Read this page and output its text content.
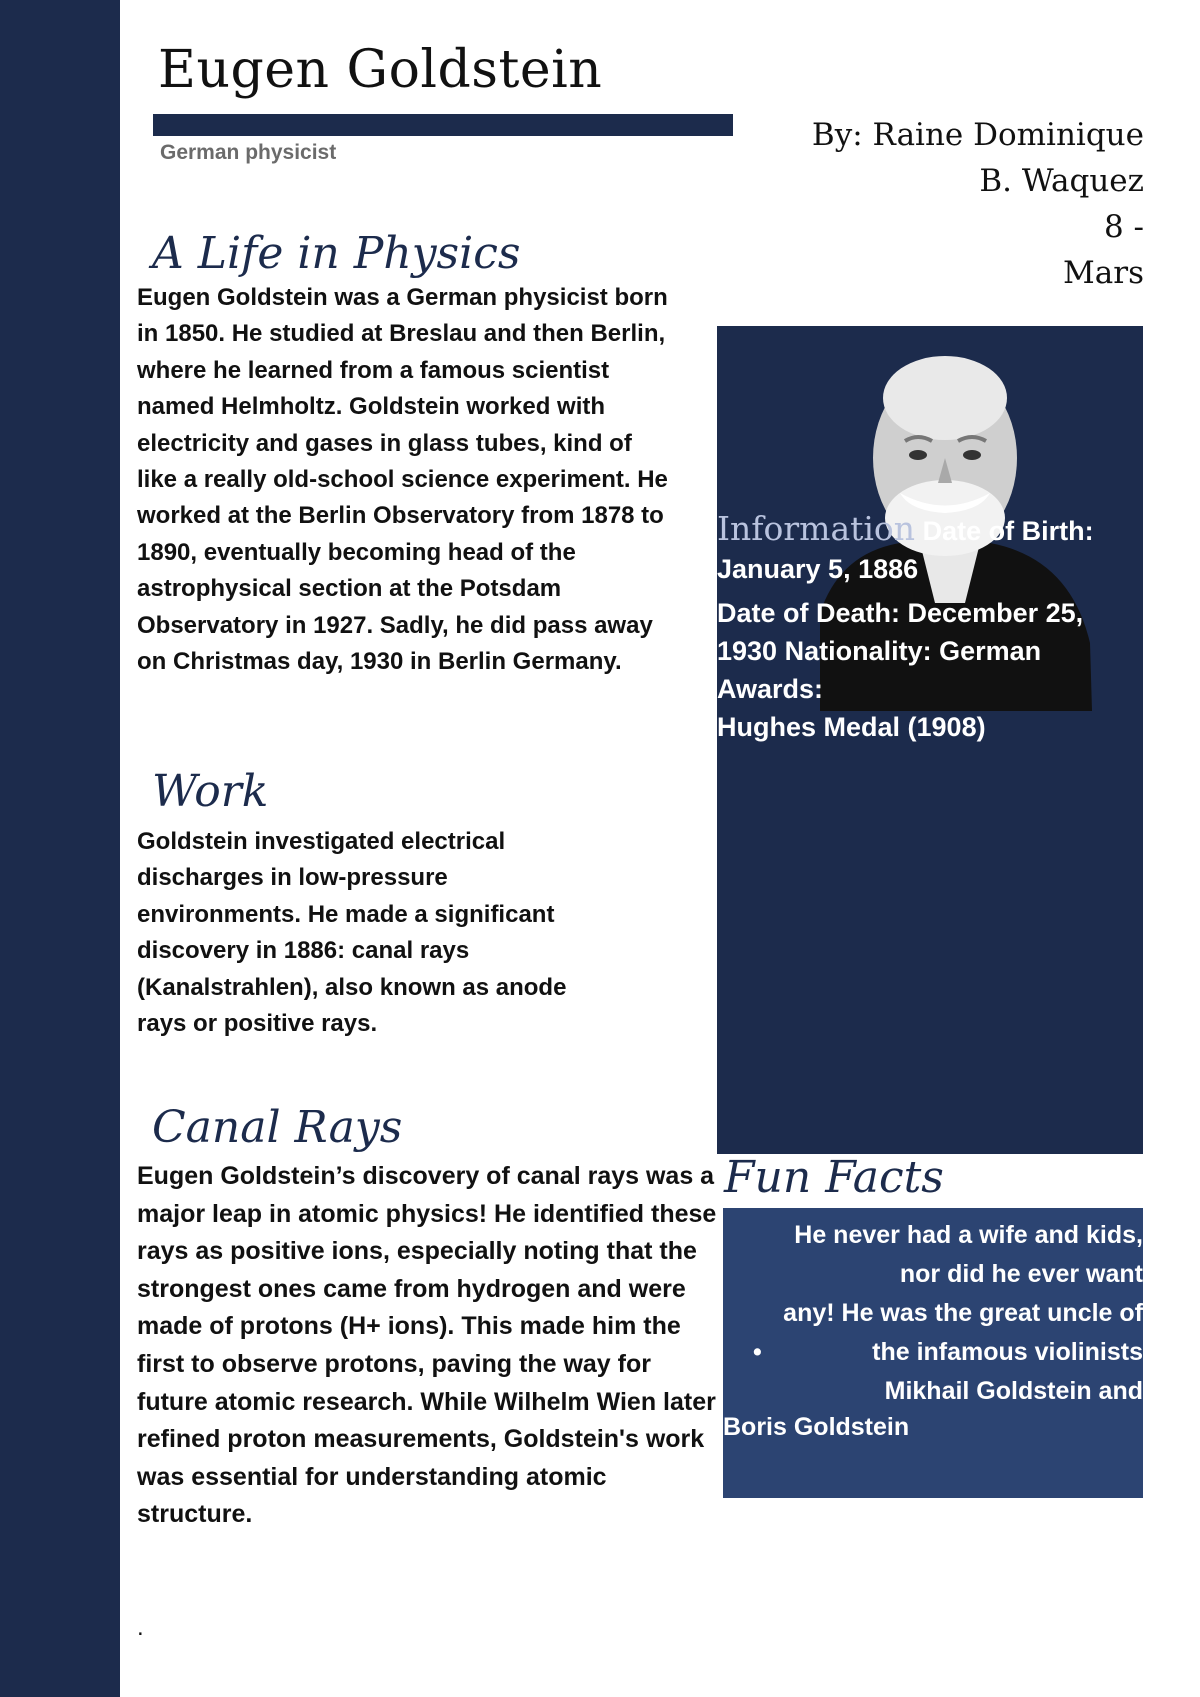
Eugen Goldstein
German physicist	By: Raine Dominique
B. Waquez
8 -
Mars
A Life in Physics

Eugen Goldstein was a German physicist born in 1850. He studied at Breslau and then Berlin, where he learned from a famous scientist named Helmholtz. Goldstein worked with electricity and gases in glass tubes, kind of like a really old-school science experiment. He worked at the Berlin Observatory from 1878 to 1890, eventually becoming head of the astrophysical section at the Potsdam Observatory in 1927. Sadly, he did pass away on Christmas day, 1930 in Berlin Germany.

Work

Goldstein investigated electrical discharges in low-pressure environments. He made a significant discovery in 1886: canal rays (Kanalstrahlen), also known as anode rays or positive rays.

Canal Rays

Eugen Goldstein’s discovery of canal rays was a major leap in atomic physics! He identified these rays as positive ions, especially noting that the strongest ones came from hydrogen and were made of protons (H+ ions). This made him the first to observe protons, paving the way for future atomic research. While Wilhelm Wien later refined proton measurements, Goldstein's work was essential for understanding atomic structure.

Information Date of Birth: January 5, 1886
Date of Death: December 25, 1930 Nationality: German
Awards:
Hughes Medal (1908)
Fun Facts
He never had a wife and kids,
nor did he ever want
any! He was the great uncle of
•	the infamous violinists
Mikhail Goldstein and
Boris Goldstein
.
